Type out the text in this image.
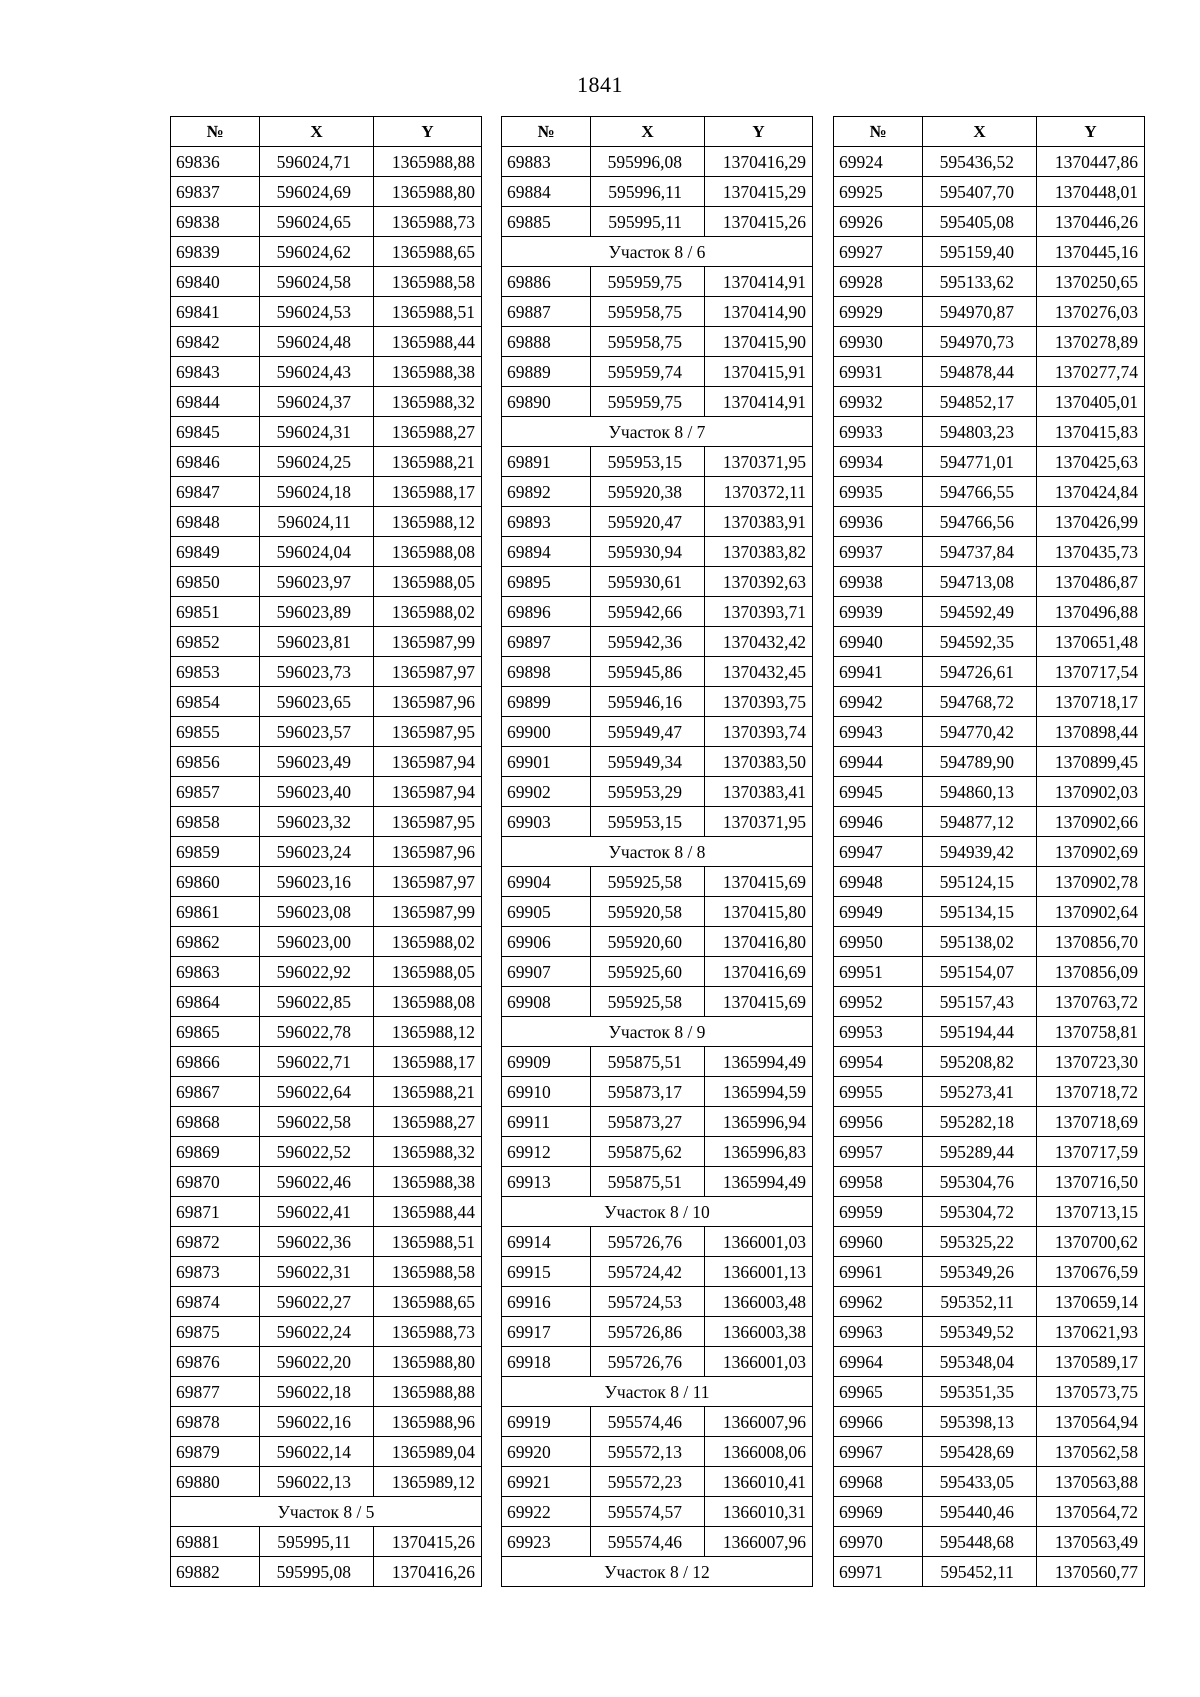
1841
№	X	Y
69836	596024,71	1365988,88
69837	596024,69	1365988,80
69838	596024,65	1365988,73
69839	596024,62	1365988,65
69840	596024,58	1365988,58
69841	596024,53	1365988,51
69842	596024,48	1365988,44
69843	596024,43	1365988,38
69844	596024,37	1365988,32
69845	596024,31	1365988,27
69846	596024,25	1365988,21
69847	596024,18	1365988,17
69848	596024,11	1365988,12
69849	596024,04	1365988,08
69850	596023,97	1365988,05
69851	596023,89	1365988,02
69852	596023,81	1365987,99
69853	596023,73	1365987,97
69854	596023,65	1365987,96
69855	596023,57	1365987,95
69856	596023,49	1365987,94
69857	596023,40	1365987,94
69858	596023,32	1365987,95
69859	596023,24	1365987,96
69860	596023,16	1365987,97
69861	596023,08	1365987,99
69862	596023,00	1365988,02
69863	596022,92	1365988,05
69864	596022,85	1365988,08
69865	596022,78	1365988,12
69866	596022,71	1365988,17
69867	596022,64	1365988,21
69868	596022,58	1365988,27
69869	596022,52	1365988,32
69870	596022,46	1365988,38
69871	596022,41	1365988,44
69872	596022,36	1365988,51
69873	596022,31	1365988,58
69874	596022,27	1365988,65
69875	596022,24	1365988,73
69876	596022,20	1365988,80
69877	596022,18	1365988,88
69878	596022,16	1365988,96
69879	596022,14	1365989,04
69880	596022,13	1365989,12
Участок 8 / 5		
69881	595995,11	1370415,26
69882	595995,08	1370416,26
№	X	Y
69883	595996,08	1370416,29
69884	595996,11	1370415,29
69885	595995,11	1370415,26
Участок 8 / 6		
69886	595959,75	1370414,91
69887	595958,75	1370414,90
69888	595958,75	1370415,90
69889	595959,74	1370415,91
69890	595959,75	1370414,91
Участок 8 / 7		
69891	595953,15	1370371,95
69892	595920,38	1370372,11
69893	595920,47	1370383,91
69894	595930,94	1370383,82
69895	595930,61	1370392,63
69896	595942,66	1370393,71
69897	595942,36	1370432,42
69898	595945,86	1370432,45
69899	595946,16	1370393,75
69900	595949,47	1370393,74
69901	595949,34	1370383,50
69902	595953,29	1370383,41
69903	595953,15	1370371,95
Участок 8 / 8		
69904	595925,58	1370415,69
69905	595920,58	1370415,80
69906	595920,60	1370416,80
69907	595925,60	1370416,69
69908	595925,58	1370415,69
Участок 8 / 9		
69909	595875,51	1365994,49
69910	595873,17	1365994,59
69911	595873,27	1365996,94
69912	595875,62	1365996,83
69913	595875,51	1365994,49
Участок 8 / 10		
69914	595726,76	1366001,03
69915	595724,42	1366001,13
69916	595724,53	1366003,48
69917	595726,86	1366003,38
69918	595726,76	1366001,03
Участок 8 / 11		
69919	595574,46	1366007,96
69920	595572,13	1366008,06
69921	595572,23	1366010,41
69922	595574,57	1366010,31
69923	595574,46	1366007,96
Участок 8 / 12		
№	X	Y
69924	595436,52	1370447,86
69925	595407,70	1370448,01
69926	595405,08	1370446,26
69927	595159,40	1370445,16
69928	595133,62	1370250,65
69929	594970,87	1370276,03
69930	594970,73	1370278,89
69931	594878,44	1370277,74
69932	594852,17	1370405,01
69933	594803,23	1370415,83
69934	594771,01	1370425,63
69935	594766,55	1370424,84
69936	594766,56	1370426,99
69937	594737,84	1370435,73
69938	594713,08	1370486,87
69939	594592,49	1370496,88
69940	594592,35	1370651,48
69941	594726,61	1370717,54
69942	594768,72	1370718,17
69943	594770,42	1370898,44
69944	594789,90	1370899,45
69945	594860,13	1370902,03
69946	594877,12	1370902,66
69947	594939,42	1370902,69
69948	595124,15	1370902,78
69949	595134,15	1370902,64
69950	595138,02	1370856,70
69951	595154,07	1370856,09
69952	595157,43	1370763,72
69953	595194,44	1370758,81
69954	595208,82	1370723,30
69955	595273,41	1370718,72
69956	595282,18	1370718,69
69957	595289,44	1370717,59
69958	595304,76	1370716,50
69959	595304,72	1370713,15
69960	595325,22	1370700,62
69961	595349,26	1370676,59
69962	595352,11	1370659,14
69963	595349,52	1370621,93
69964	595348,04	1370589,17
69965	595351,35	1370573,75
69966	595398,13	1370564,94
69967	595428,69	1370562,58
69968	595433,05	1370563,88
69969	595440,46	1370564,72
69970	595448,68	1370563,49
69971	595452,11	1370560,77
